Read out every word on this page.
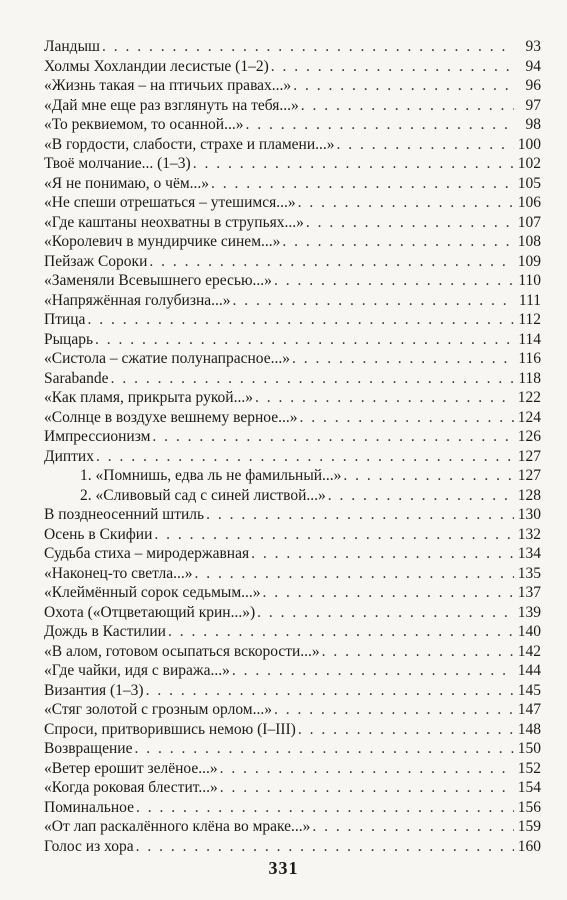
Ландыш . . .	93
Холмы Хохландии лесистые (1–2) . . .	94
«Жизнь такая – на птичьих правах...» . . .	96
«Дай мне еще раз взглянуть на тебя...» . . .	97
«То реквиемом, то осанной...» . . .	98
«В гордости, слабости, страхе и пламени...» . . .	100
Твоё молчание... (1–3) . . .	102
«Я не понимаю, о чём...» . . .	105
«Не спеши отрешаться – утешимся...» . . .	106
«Где каштаны неохватны в струпьях...» . . .	107
«Королевич в мундирчике синем...» . . .	108
Пейзаж Сороки . . .	109
«Заменяли Всевышнего ересью...» . . .	110
«Напряжённая голубизна...» . . .	111
Птица . . .	112
Рыцарь . . .	114
«Систола – сжатие полунапрасное...» . . .	116
Sarabande . . .	118
«Как пламя, прикрыта рукой...» . . .	122
«Солнце в воздухе вешнему верное...» . . .	124
Импрессионизм . . .	126
Диптих . . .	127
1. «Помнишь, едва ль не фамильный...» . . .	127
2. «Сливовый сад с синей листвой...» . . .	128
В позднеосенний штиль . . .	130
Осень в Скифии . . .	132
Судьба стиха – миродержавная . . .	134
«Наконец-то светла...» . . .	135
«Клеймённый сорок седьмым...» . . .	137
Охота («Отцветающий крин...») . . .	139
Дождь в Кастилии . . .	140
«В алом, готовом осыпаться вскорости...» . . .	142
«Где чайки, идя с виража...» . . .	144
Византия (1–3) . . .	145
«Стяг золотой с грозным орлом...» . . .	147
Спроси, притворившись немою (I–III) . . .	148
Возвращение . . .	150
«Ветер ерошит зелёное...» . . .	152
«Когда роковая блестит...» . . .	154
Поминальное . . .	156
«От лап раскалённого клёна во мраке...» . . .	159
Голос из хора . . .	160
331
